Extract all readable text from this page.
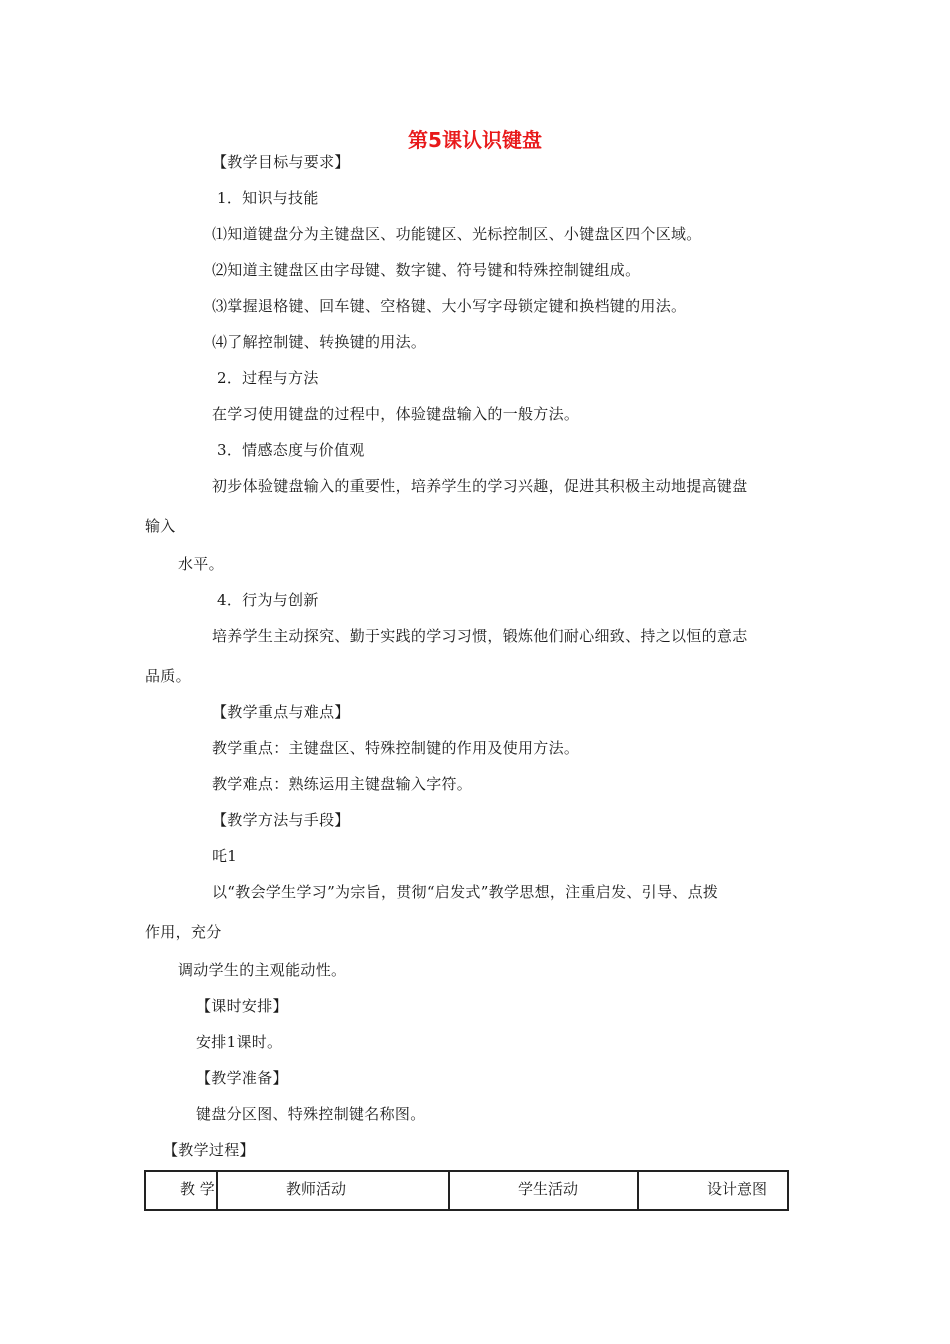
第5课认识键盘
【教学目标与要求】
1．知识与技能
⑴知道键盘分为主键盘区、功能键区、光标控制区、小键盘区四个区域。
⑵知道主键盘区由字母键、数字键、符号键和特殊控制键组成。
⑶掌握退格键、回车键、空格键、大小写字母锁定键和换档键的用法。
⑷了解控制键、转换键的用法。
2．过程与方法
在学习使用键盘的过程中，体验键盘输入的一般方法。
3．情感态度与价值观
初步体验键盘输入的重要性，培养学生的学习兴趣，促进其积极主动地提高键盘
输入
水平。
4．行为与创新
培养学生主动探究、勤于实践的学习习惯，锻炼他们耐心细致、持之以恒的意志
品质。
【教学重点与难点】
教学重点：主键盘区、特殊控制键的作用及使用方法。
教学难点：熟练运用主键盘输入字符。
【教学方法与手段】
吒1
以“教会学生学习”为宗旨，贯彻“启发式”教学思想，注重启发、引导、点拨
作用，充分
调动学生的主观能动性。
【课时安排】
安排1课时。
【教学准备】
键盘分区图、特殊控制键名称图。
【教学过程】
教 学	教师活动	学生活动	设计意图
